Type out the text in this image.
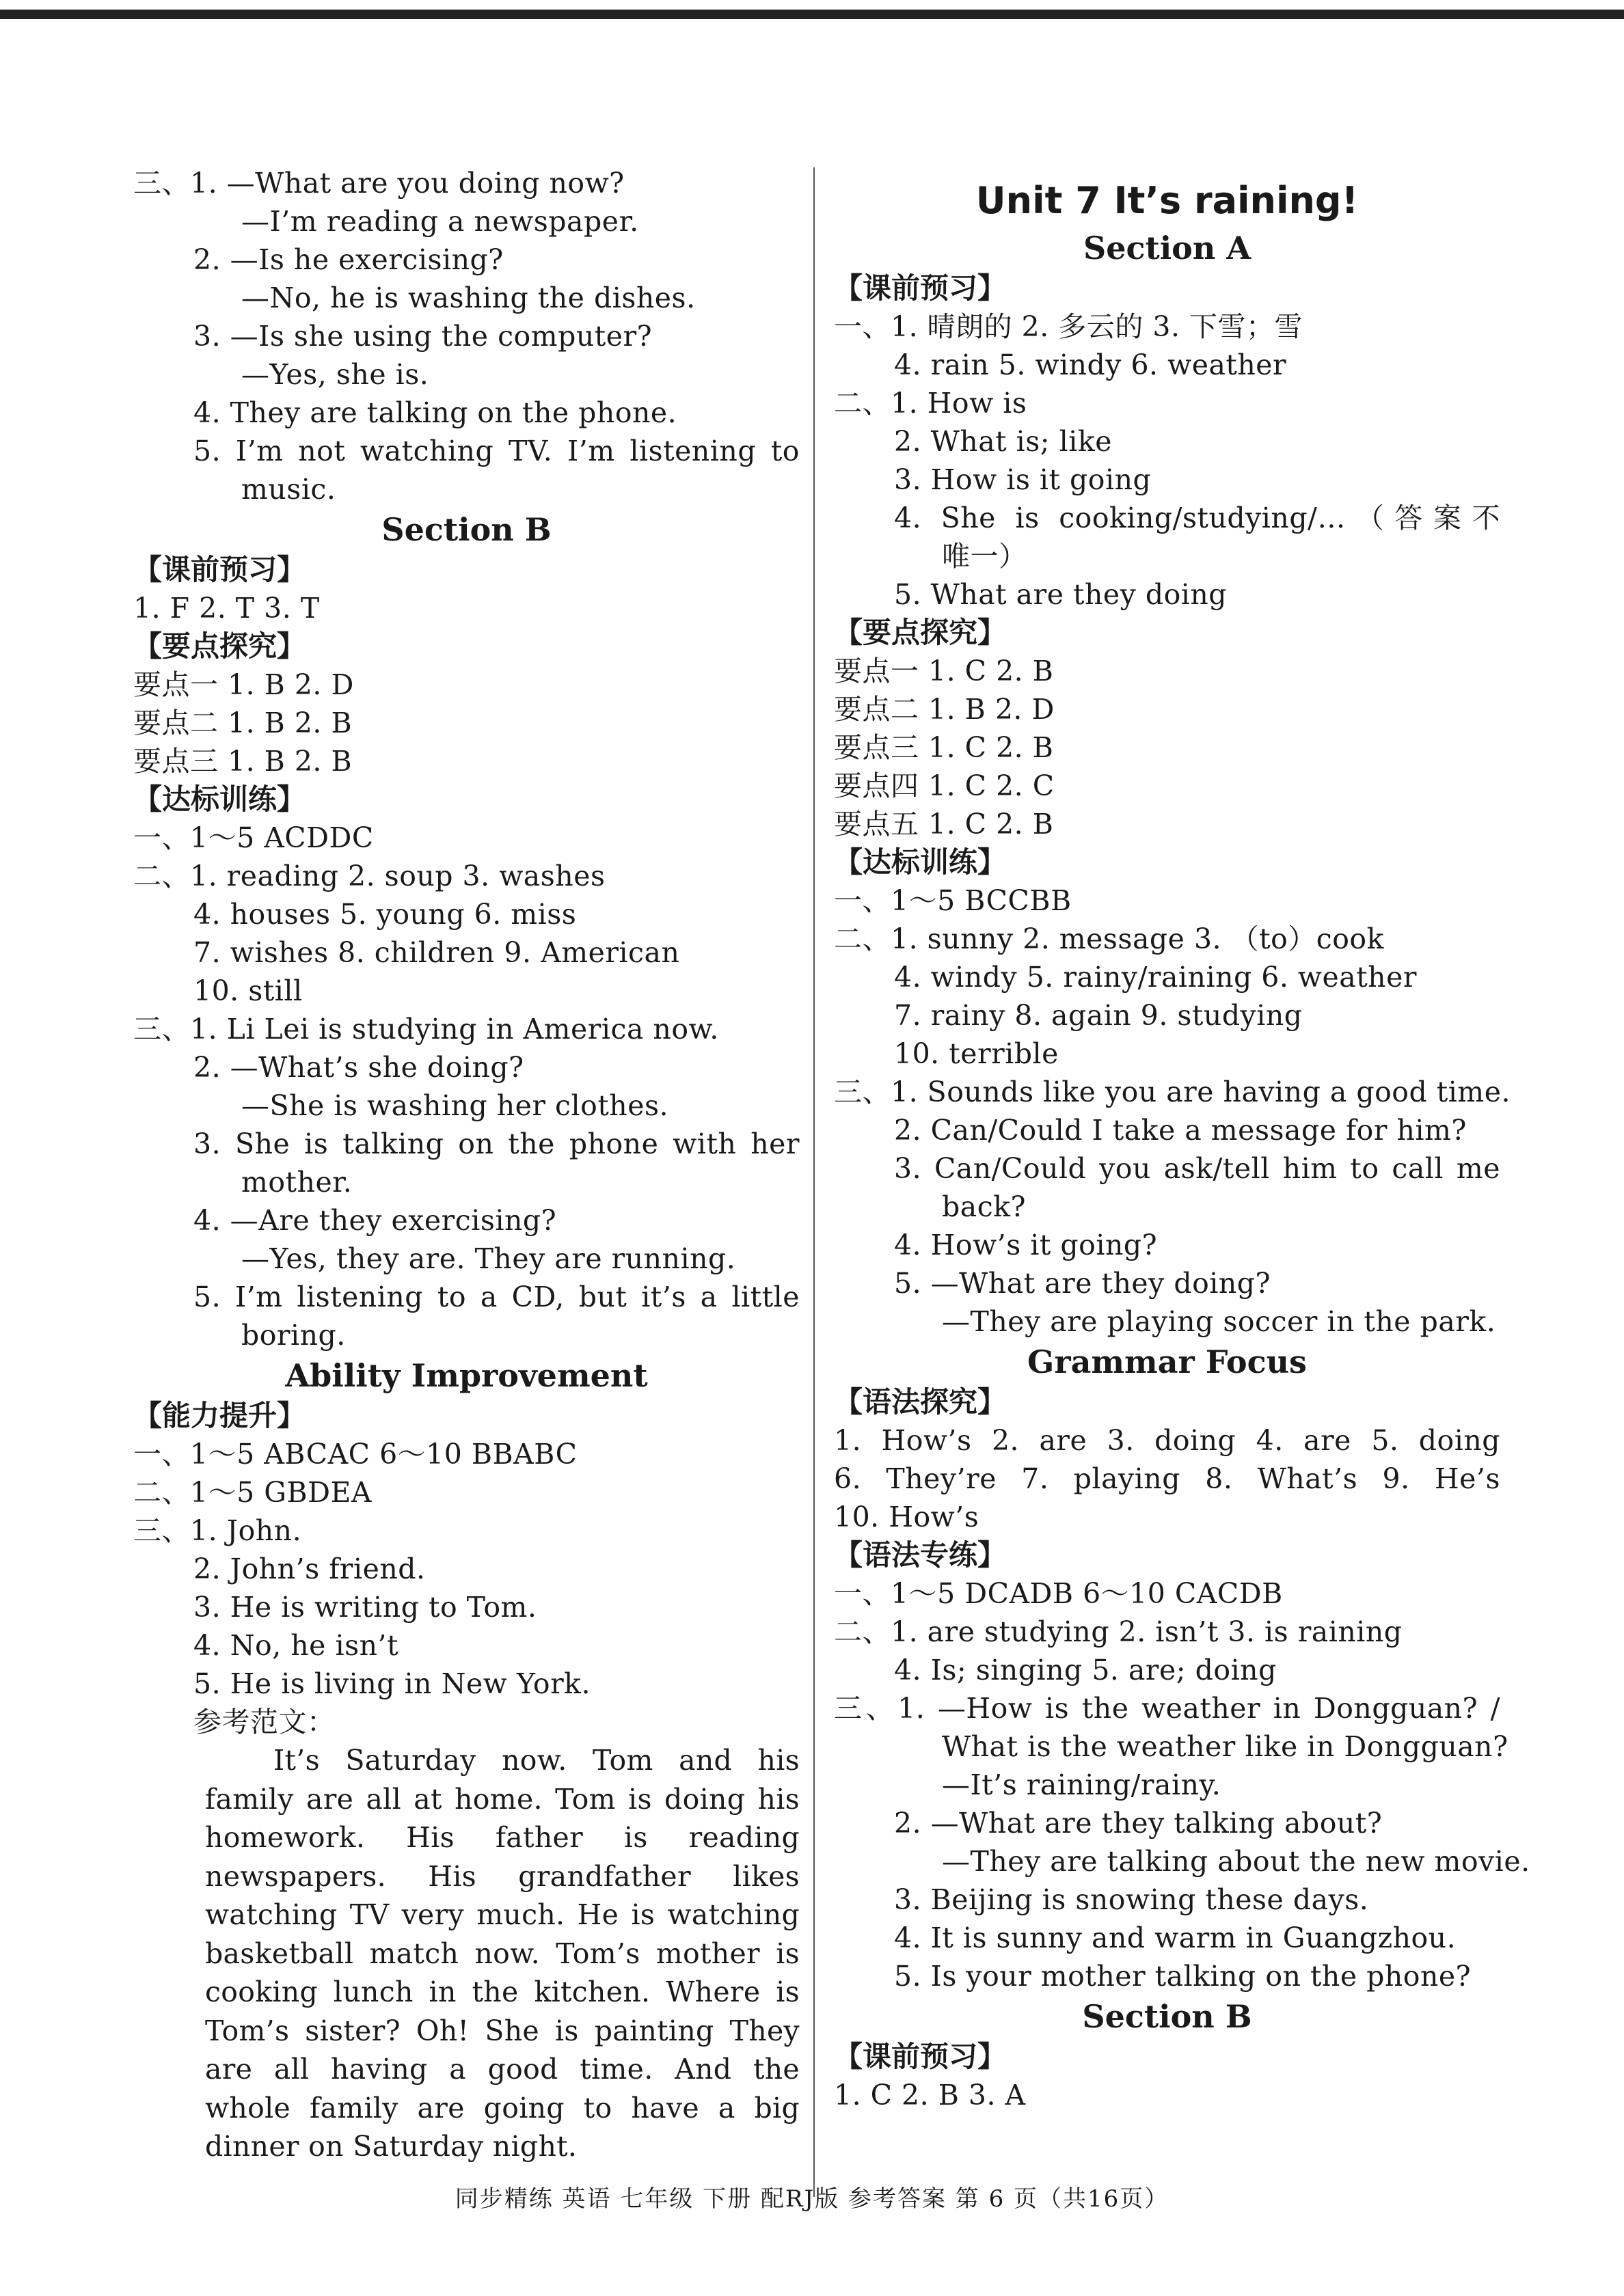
三、1. —What are you doing now?
—I’m reading a newspaper.
2. —Is he exercising?
—No, he is washing the dishes.
3. —Is she using the computer?
—Yes, she is.
4. They are talking on the phone.
5. I’m not watching TV. I’m listening to
music.
Section B
【课前预习】
1. F 2. T 3. T
【要点探究】
要点一 1. B 2. D
要点二 1. B 2. B
要点三 1. B 2. B
【达标训练】
一、1～5 ACDDC
二、1. reading 2. soup 3. washes
4. houses 5. young 6. miss
7. wishes 8. children 9. American
10. still
三、1. Li Lei is studying in America now.
2. —What’s she doing?
—She is washing her clothes.
3. She is talking on the phone with her
mother.
4. —Are they exercising?
—Yes, they are. They are running.
5. I’m listening to a CD, but it’s a little
boring.
Ability Improvement
【能力提升】
一、1～5 ABCAC 6～10 BBABC
二、1～5 GBDEA
三、1. John.
2. John’s friend.
3. He is writing to Tom.
4. No, he isn’t
5. He is living in New York.
参考范文：
It’s Saturday now. Tom and his family are all at home. Tom is doing his homework. His father is reading newspapers. His grandfather likes watching TV very much. He is watching basketball match now. Tom’s mother is cooking lunch in the kitchen. Where is Tom’s sister? Oh! She is painting They are all having a good time. And the whole family are going to have a big dinner on Saturday night.
Unit 7 It’s raining!
Section A
【课前预习】
一、1. 晴朗的 2. 多云的 3. 下雪；雪
4. rain 5. windy 6. weather
二、1. How is
2. What is; like
3. How is it going
4. She is cooking/studying/…（答案不
唯一）
5. What are they doing
【要点探究】
要点一 1. C 2. B
要点二 1. B 2. D
要点三 1. C 2. B
要点四 1. C 2. C
要点五 1. C 2. B
【达标训练】
一、1～5 BCCBB
二、1. sunny 2. message 3. （to）cook
4. windy 5. rainy/raining 6. weather
7. rainy 8. again 9. studying
10. terrible
三、1. Sounds like you are having a good time.
2. Can/Could I take a message for him?
3. Can/Could you ask/tell him to call me
back?
4. How’s it going?
5. —What are they doing?
—They are playing soccer in the park.
Grammar Focus
【语法探究】
1. How’s 2. are 3. doing 4. are 5. doing
6. They’re 7. playing 8. What’s 9. He’s
10. How’s
【语法专练】
一、1～5 DCADB 6～10 CACDB
二、1. are studying 2. isn’t 3. is raining
4. Is; singing 5. are; doing
三、1. —How is the weather in Dongguan? /
What is the weather like in Dongguan?
—It’s raining/rainy.
2. —What are they talking about?
—They are talking about the new movie.
3. Beijing is snowing these days.
4. It is sunny and warm in Guangzhou.
5. Is your mother talking on the phone?
Section B
【课前预习】
1. C 2. B 3. A
同步精练 英语 七年级 下册 配RJ版 参考答案 第 6 页（共16页）
